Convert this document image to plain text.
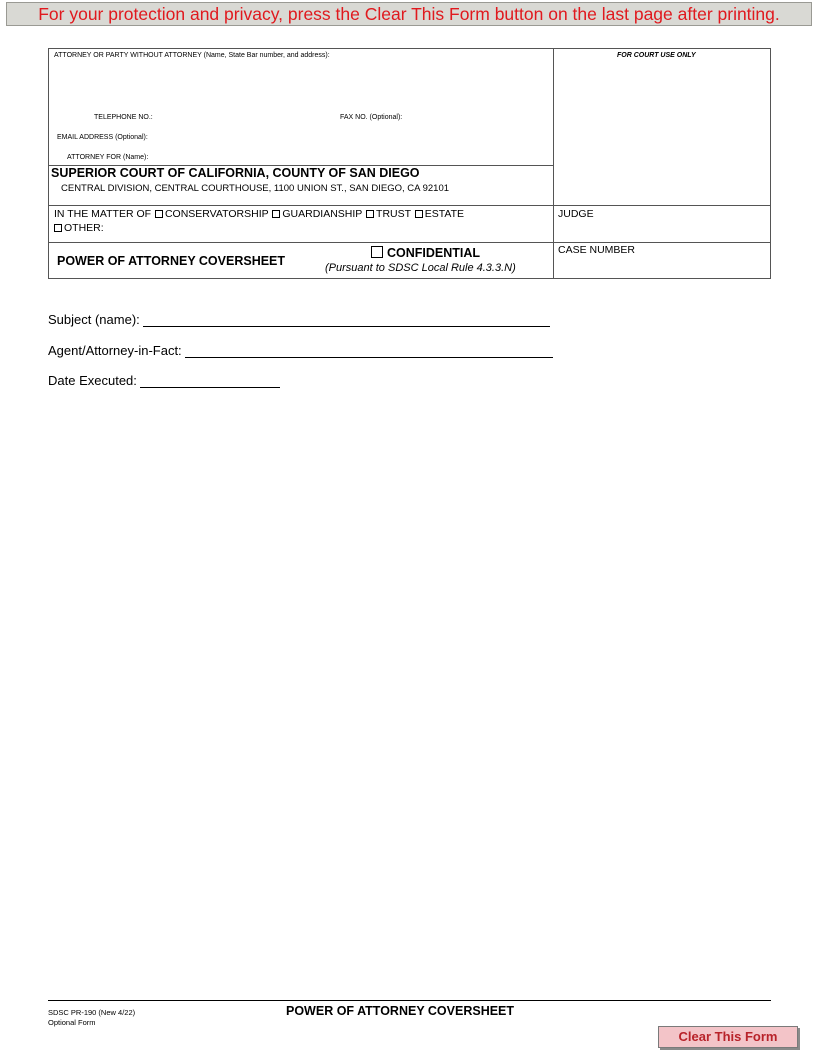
For your protection and privacy, press the Clear This Form button on the last page after printing.
ATTORNEY OR PARTY WITHOUT ATTORNEY (Name, State Bar number, and address):	FOR COURT USE ONLY
TELEPHONE NO.:	FAX NO. (Optional):
EMAIL ADDRESS (Optional):
ATTORNEY FOR (Name):
SUPERIOR COURT OF CALIFORNIA, COUNTY OF SAN DIEGO
CENTRAL DIVISION, CENTRAL COURTHOUSE, 1100 UNION ST., SAN DIEGO, CA 92101
IN THE MATTER OF CONSERVATORSHIP GUARDIANSHIP TRUST ESTATE
OTHER:
JUDGE
POWER OF ATTORNEY COVERSHEET
CONFIDENTIAL
(Pursuant to SDSC Local Rule 4.3.3.N)
CASE NUMBER
Subject (name):
Agent/Attorney-in-Fact:
Date Executed:
SDSC PR-190 (New 4/22)
Optional Form
POWER OF ATTORNEY COVERSHEET
Clear This Form
